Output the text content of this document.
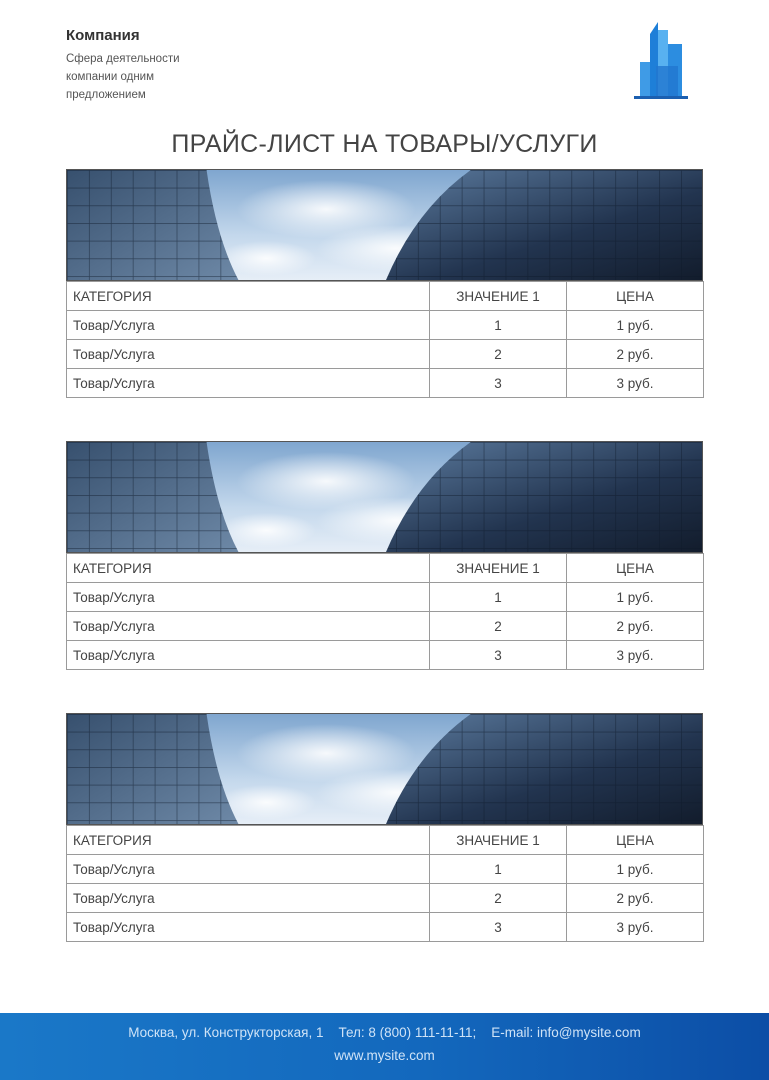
Компания
Сфера деятельности компании одним предложением
ПРАЙС-ЛИСТ НА ТОВАРЫ/УСЛУГИ
КАТЕГОРИЯ	ЗНАЧЕНИЕ 1	ЦЕНА
Товар/Услуга	1	1 руб.
Товар/Услуга	2	2 руб.
Товар/Услуга	3	3 руб.
КАТЕГОРИЯ	ЗНАЧЕНИЕ 1	ЦЕНА
Товар/Услуга	1	1 руб.
Товар/Услуга	2	2 руб.
Товар/Услуга	3	3 руб.
КАТЕГОРИЯ	ЗНАЧЕНИЕ 1	ЦЕНА
Товар/Услуга	1	1 руб.
Товар/Услуга	2	2 руб.
Товар/Услуга	3	3 руб.
Москва, ул. Конструкторская, 1    Тел: 8 (800) 111-11-11;    E-mail: info@mysite.com
www.mysite.com
